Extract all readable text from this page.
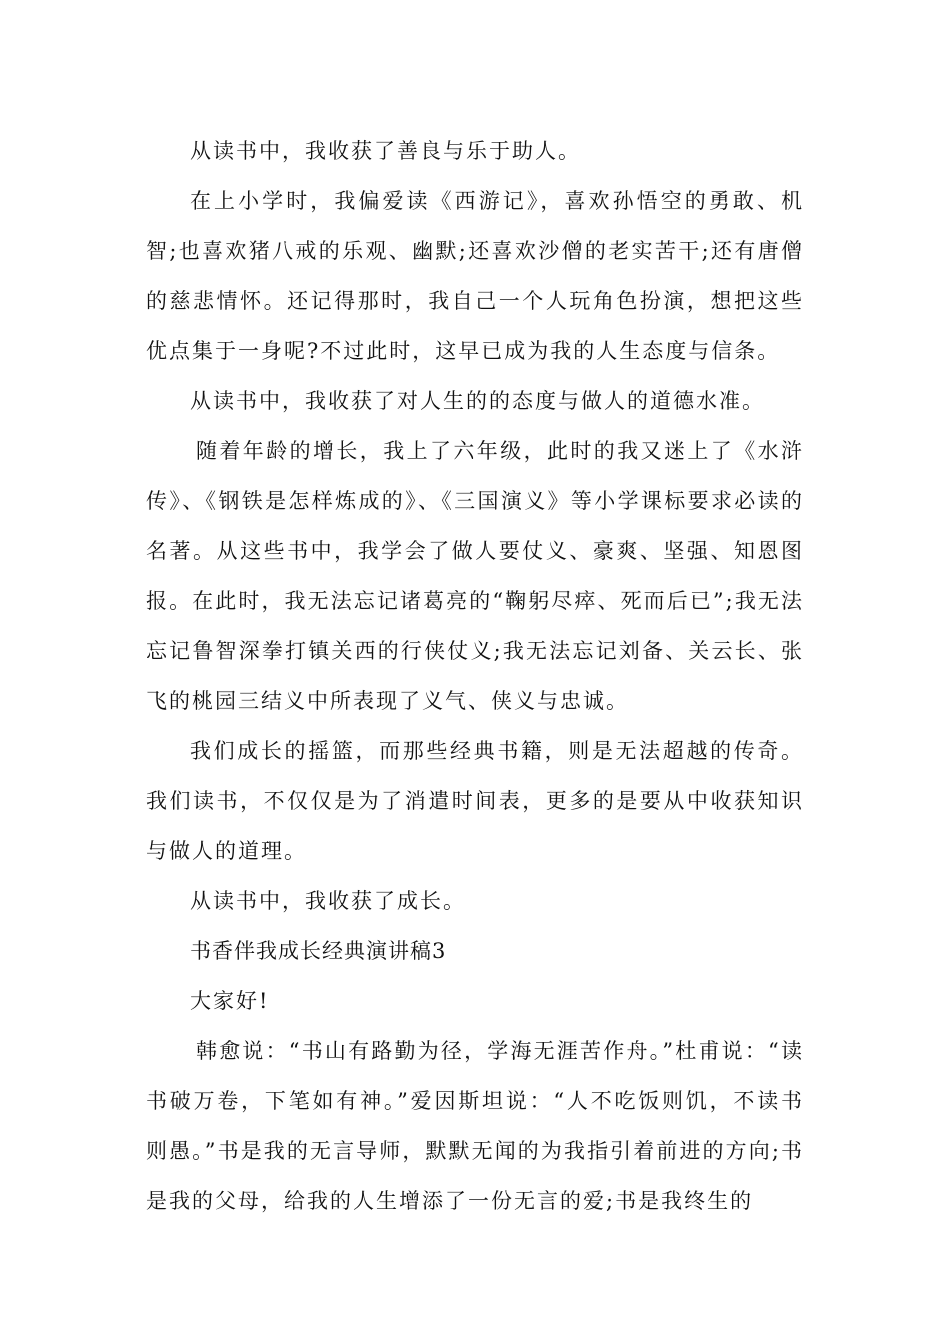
从读书中，我收获了善良与乐于助人。

在上小学时，我偏爱读《西游记》，喜欢孙悟空的勇敢、机智;也喜欢猪八戒的乐观、幽默;还喜欢沙僧的老实苦干;还有唐僧的慈悲情怀。还记得那时，我自己一个人玩角色扮演，想把这些优点集于一身呢?不过此时，这早已成为我的人生态度与信条。

从读书中，我收获了对人生的的态度与做人的道德水准。

随着年龄的增长，我上了六年级，此时的我又迷上了《水浒传》、《钢铁是怎样炼成的》、《三国演义》等小学课标要求必读的名著。从这些书中，我学会了做人要仗义、豪爽、坚强、知恩图报。在此时，我无法忘记诸葛亮的“鞠躬尽瘁、死而后已”;我无法忘记鲁智深拳打镇关西的行侠仗义;我无法忘记刘备、关云长、张飞的桃园三结义中所表现了义气、侠义与忠诚。

我们成长的摇篮，而那些经典书籍，则是无法超越的传奇。我们读书，不仅仅是为了消遣时间表，更多的是要从中收获知识与做人的道理。

从读书中，我收获了成长。

书香伴我成长经典演讲稿3

大家好!

韩愈说：“书山有路勤为径，学海无涯苦作舟。”杜甫说：“读书破万卷，下笔如有神。”爱因斯坦说：“人不吃饭则饥，不读书则愚。”书是我的无言导师，默默无闻的为我指引着前进的方向;书是我的父母，给我的人生增添了一份无言的爱;书是我终生的
